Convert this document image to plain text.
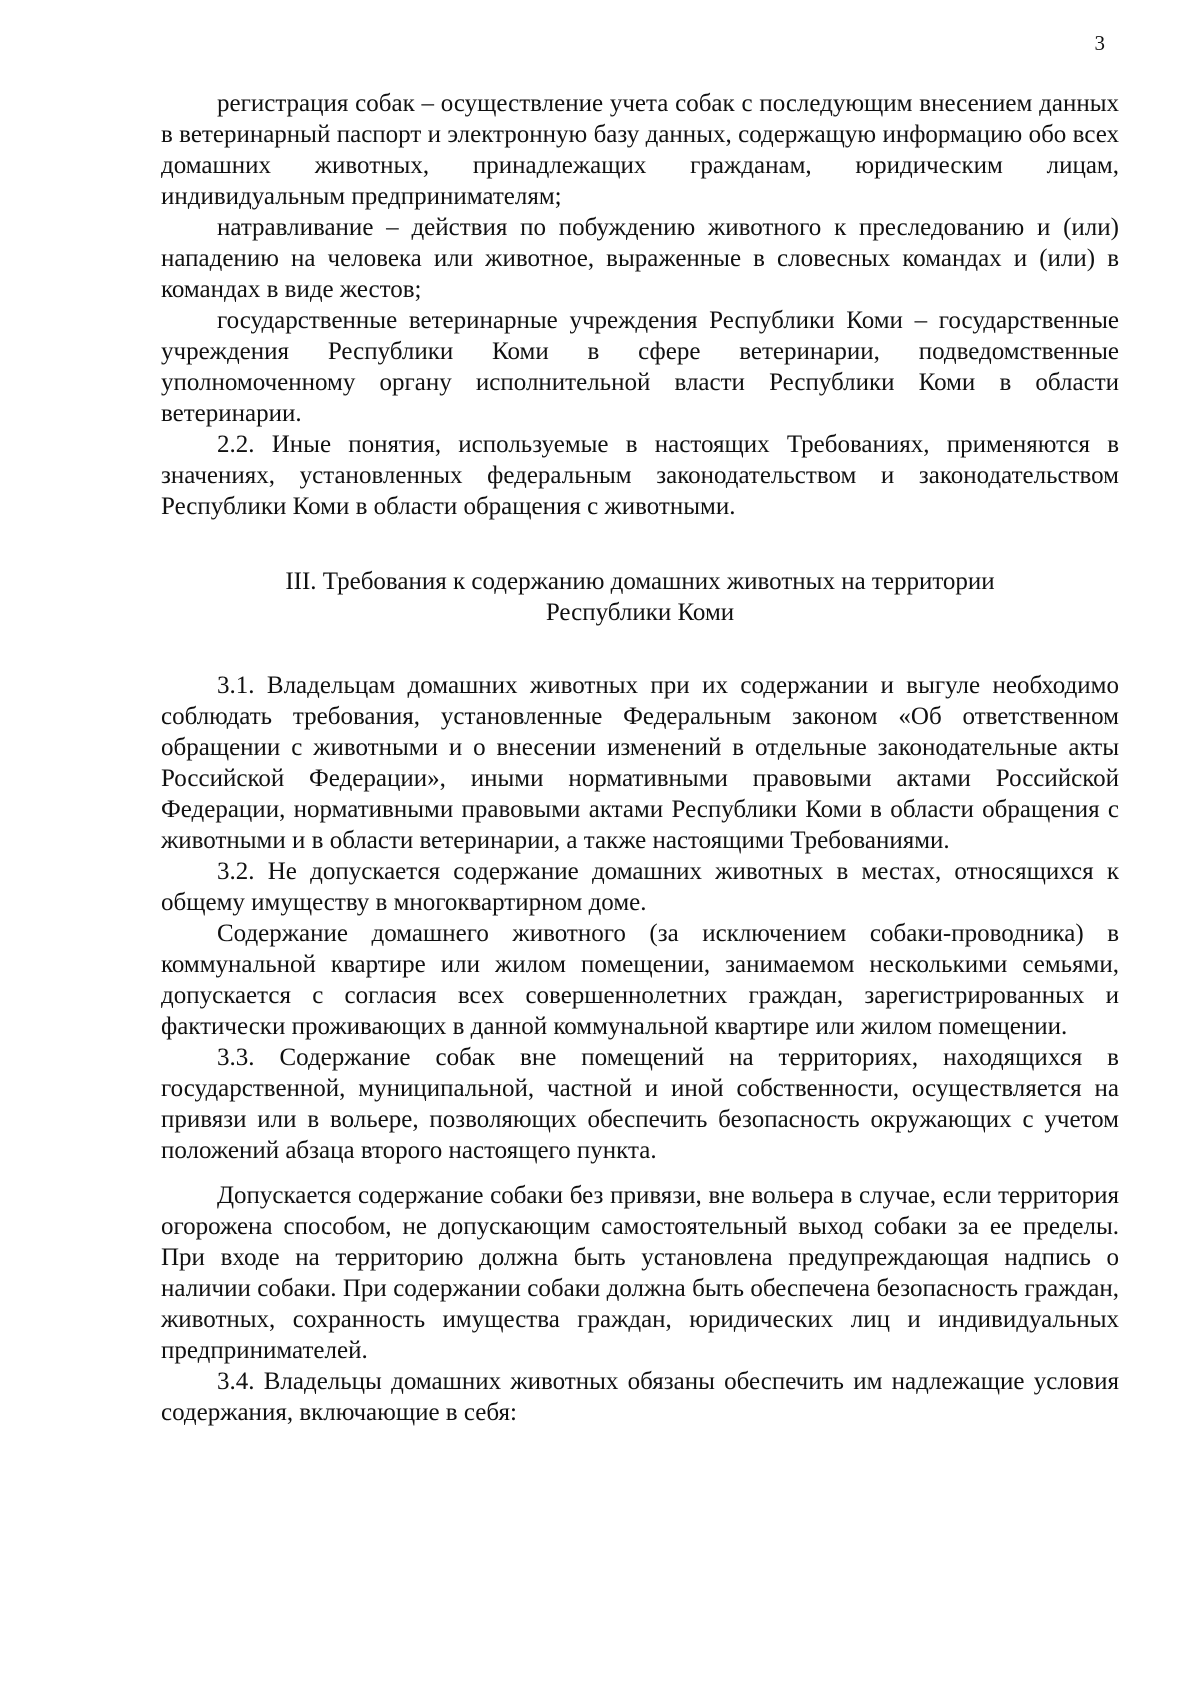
3

регистрация собак – осуществление учета собак с последующим внесением данных в ветеринарный паспорт и электронную базу данных, содержащую информацию обо всех домашних животных, принадлежащих гражданам, юридическим лицам, индивидуальным предпринимателям;

натравливание – действия по побуждению животного к преследованию и (или) нападению на человека или животное, выраженные в словесных командах и (или) в командах в виде жестов;

государственные ветеринарные учреждения Республики Коми – государственные учреждения Республики Коми в сфере ветеринарии, подведомственные уполномоченному органу исполнительной власти Республики Коми в области ветеринарии.

2.2. Иные понятия, используемые в настоящих Требованиях, применяются в значениях, установленных федеральным законодательством и законодательством Республики Коми в области обращения с животными.

III. Требования к содержанию домашних животных на территории
Республики Коми

3.1. Владельцам домашних животных при их содержании и выгуле необходимо соблюдать требования, установленные Федеральным законом «Об ответственном обращении с животными и о внесении изменений в отдельные законодательные акты Российской Федерации», иными нормативными правовыми актами Российской Федерации, нормативными правовыми актами Республики Коми в области обращения с животными и в области ветеринарии, а также настоящими Требованиями.

3.2. Не допускается содержание домашних животных в местах, относящихся к общему имуществу в многоквартирном доме.

Содержание домашнего животного (за исключением собаки-проводника) в коммунальной квартире или жилом помещении, занимаемом несколькими семьями, допускается с согласия всех совершеннолетних граждан, зарегистрированных и фактически проживающих в данной коммунальной квартире или жилом помещении.

3.3. Содержание собак вне помещений на территориях, находящихся в государственной, муниципальной, частной и иной собственности, осуществляется на привязи или в вольере, позволяющих обеспечить безопасность окружающих с учетом положений абзаца второго настоящего пункта.

Допускается содержание собаки без привязи, вне вольера в случае, если территория огорожена способом, не допускающим самостоятельный выход собаки за ее пределы. При входе на территорию должна быть установлена предупреждающая надпись о наличии собаки. При содержании собаки должна быть обеспечена безопасность граждан, животных, сохранность имущества граждан, юридических лиц и индивидуальных предпринимателей.

3.4. Владельцы домашних животных обязаны обеспечить им надлежащие условия содержания, включающие в себя:
